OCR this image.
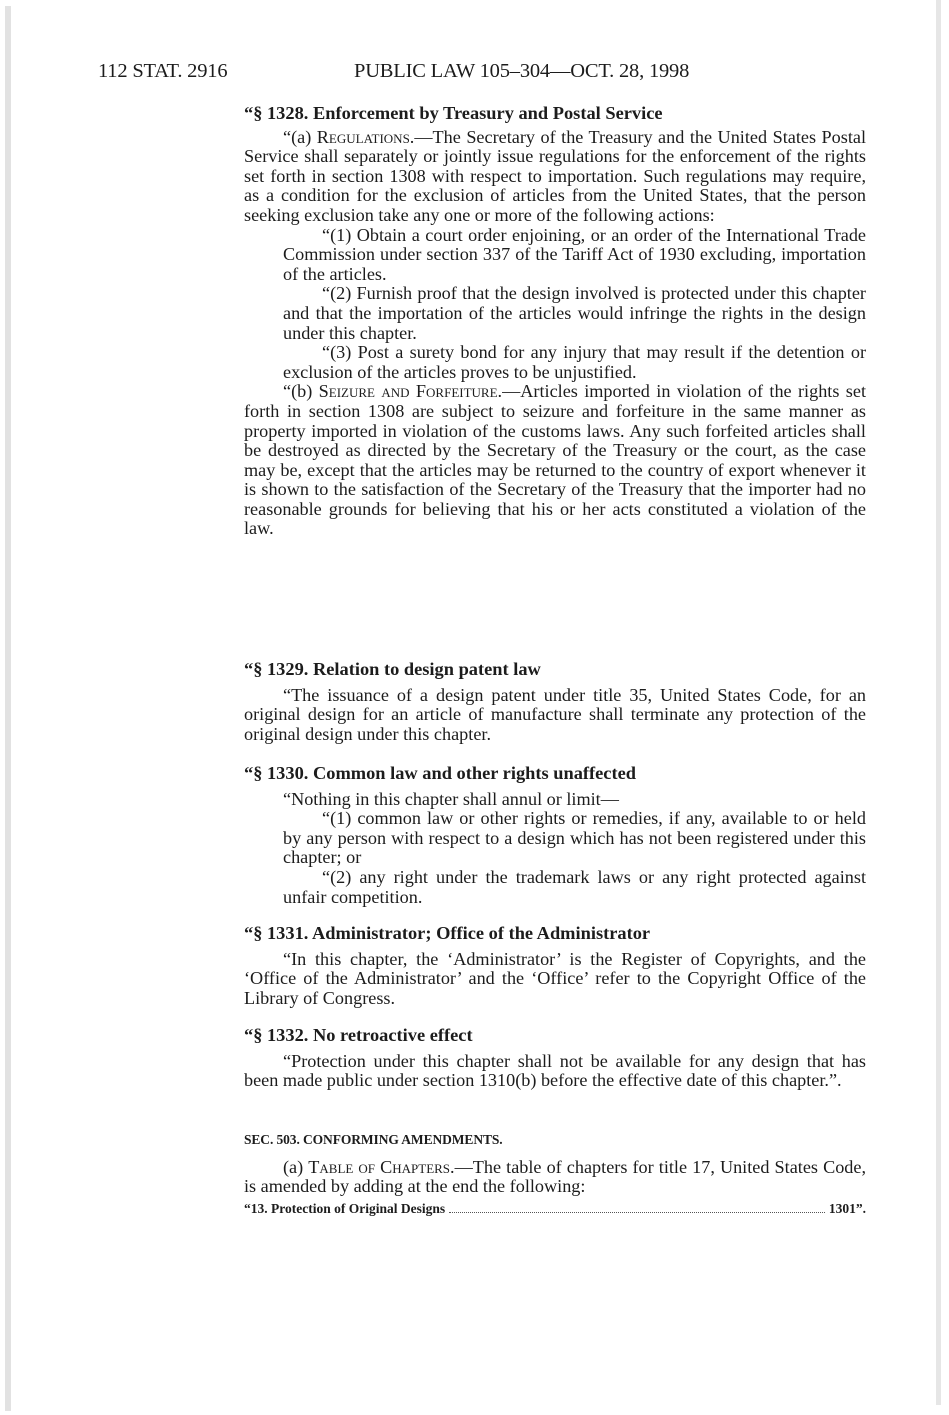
112 STAT. 2916	PUBLIC LAW 105–304—OCT. 28, 1998

“§ 1328. Enforcement by Treasury and Postal Service

“(a) Regulations.—The Secretary of the Treasury and the United States Postal Service shall separately or jointly issue regulations for the enforcement of the rights set forth in section 1308 with respect to importation. Such regulations may require, as a condition for the exclusion of articles from the United States, that the person seeking exclusion take any one or more of the following actions:

“(1) Obtain a court order enjoining, or an order of the International Trade Commission under section 337 of the Tariff Act of 1930 excluding, importation of the articles.

“(2) Furnish proof that the design involved is protected under this chapter and that the importation of the articles would infringe the rights in the design under this chapter.

“(3) Post a surety bond for any injury that may result if the detention or exclusion of the articles proves to be unjustified.

“(b) Seizure and Forfeiture.—Articles imported in violation of the rights set forth in section 1308 are subject to seizure and forfeiture in the same manner as property imported in violation of the customs laws. Any such forfeited articles shall be destroyed as directed by the Secretary of the Treasury or the court, as the case may be, except that the articles may be returned to the country of export whenever it is shown to the satisfaction of the Secretary of the Treasury that the importer had no reasonable grounds for believing that his or her acts constituted a violation of the law.

“§ 1329. Relation to design patent law

“The issuance of a design patent under title 35, United States Code, for an original design for an article of manufacture shall terminate any protection of the original design under this chapter.

“§ 1330. Common law and other rights unaffected

“Nothing in this chapter shall annul or limit—

“(1) common law or other rights or remedies, if any, available to or held by any person with respect to a design which has not been registered under this chapter; or

“(2) any right under the trademark laws or any right protected against unfair competition.

“§ 1331. Administrator; Office of the Administrator

“In this chapter, the ‘Administrator’ is the Register of Copyrights, and the ‘Office of the Administrator’ and the ‘Office’ refer to the Copyright Office of the Library of Congress.

“§ 1332. No retroactive effect

“Protection under this chapter shall not be available for any design that has been made public under section 1310(b) before the effective date of this chapter.”.

SEC. 503. CONFORMING AMENDMENTS.

(a) Table of Chapters.—The table of chapters for title 17, United States Code, is amended by adding at the end the following:

“13. Protection of Original Designs	1301”.
